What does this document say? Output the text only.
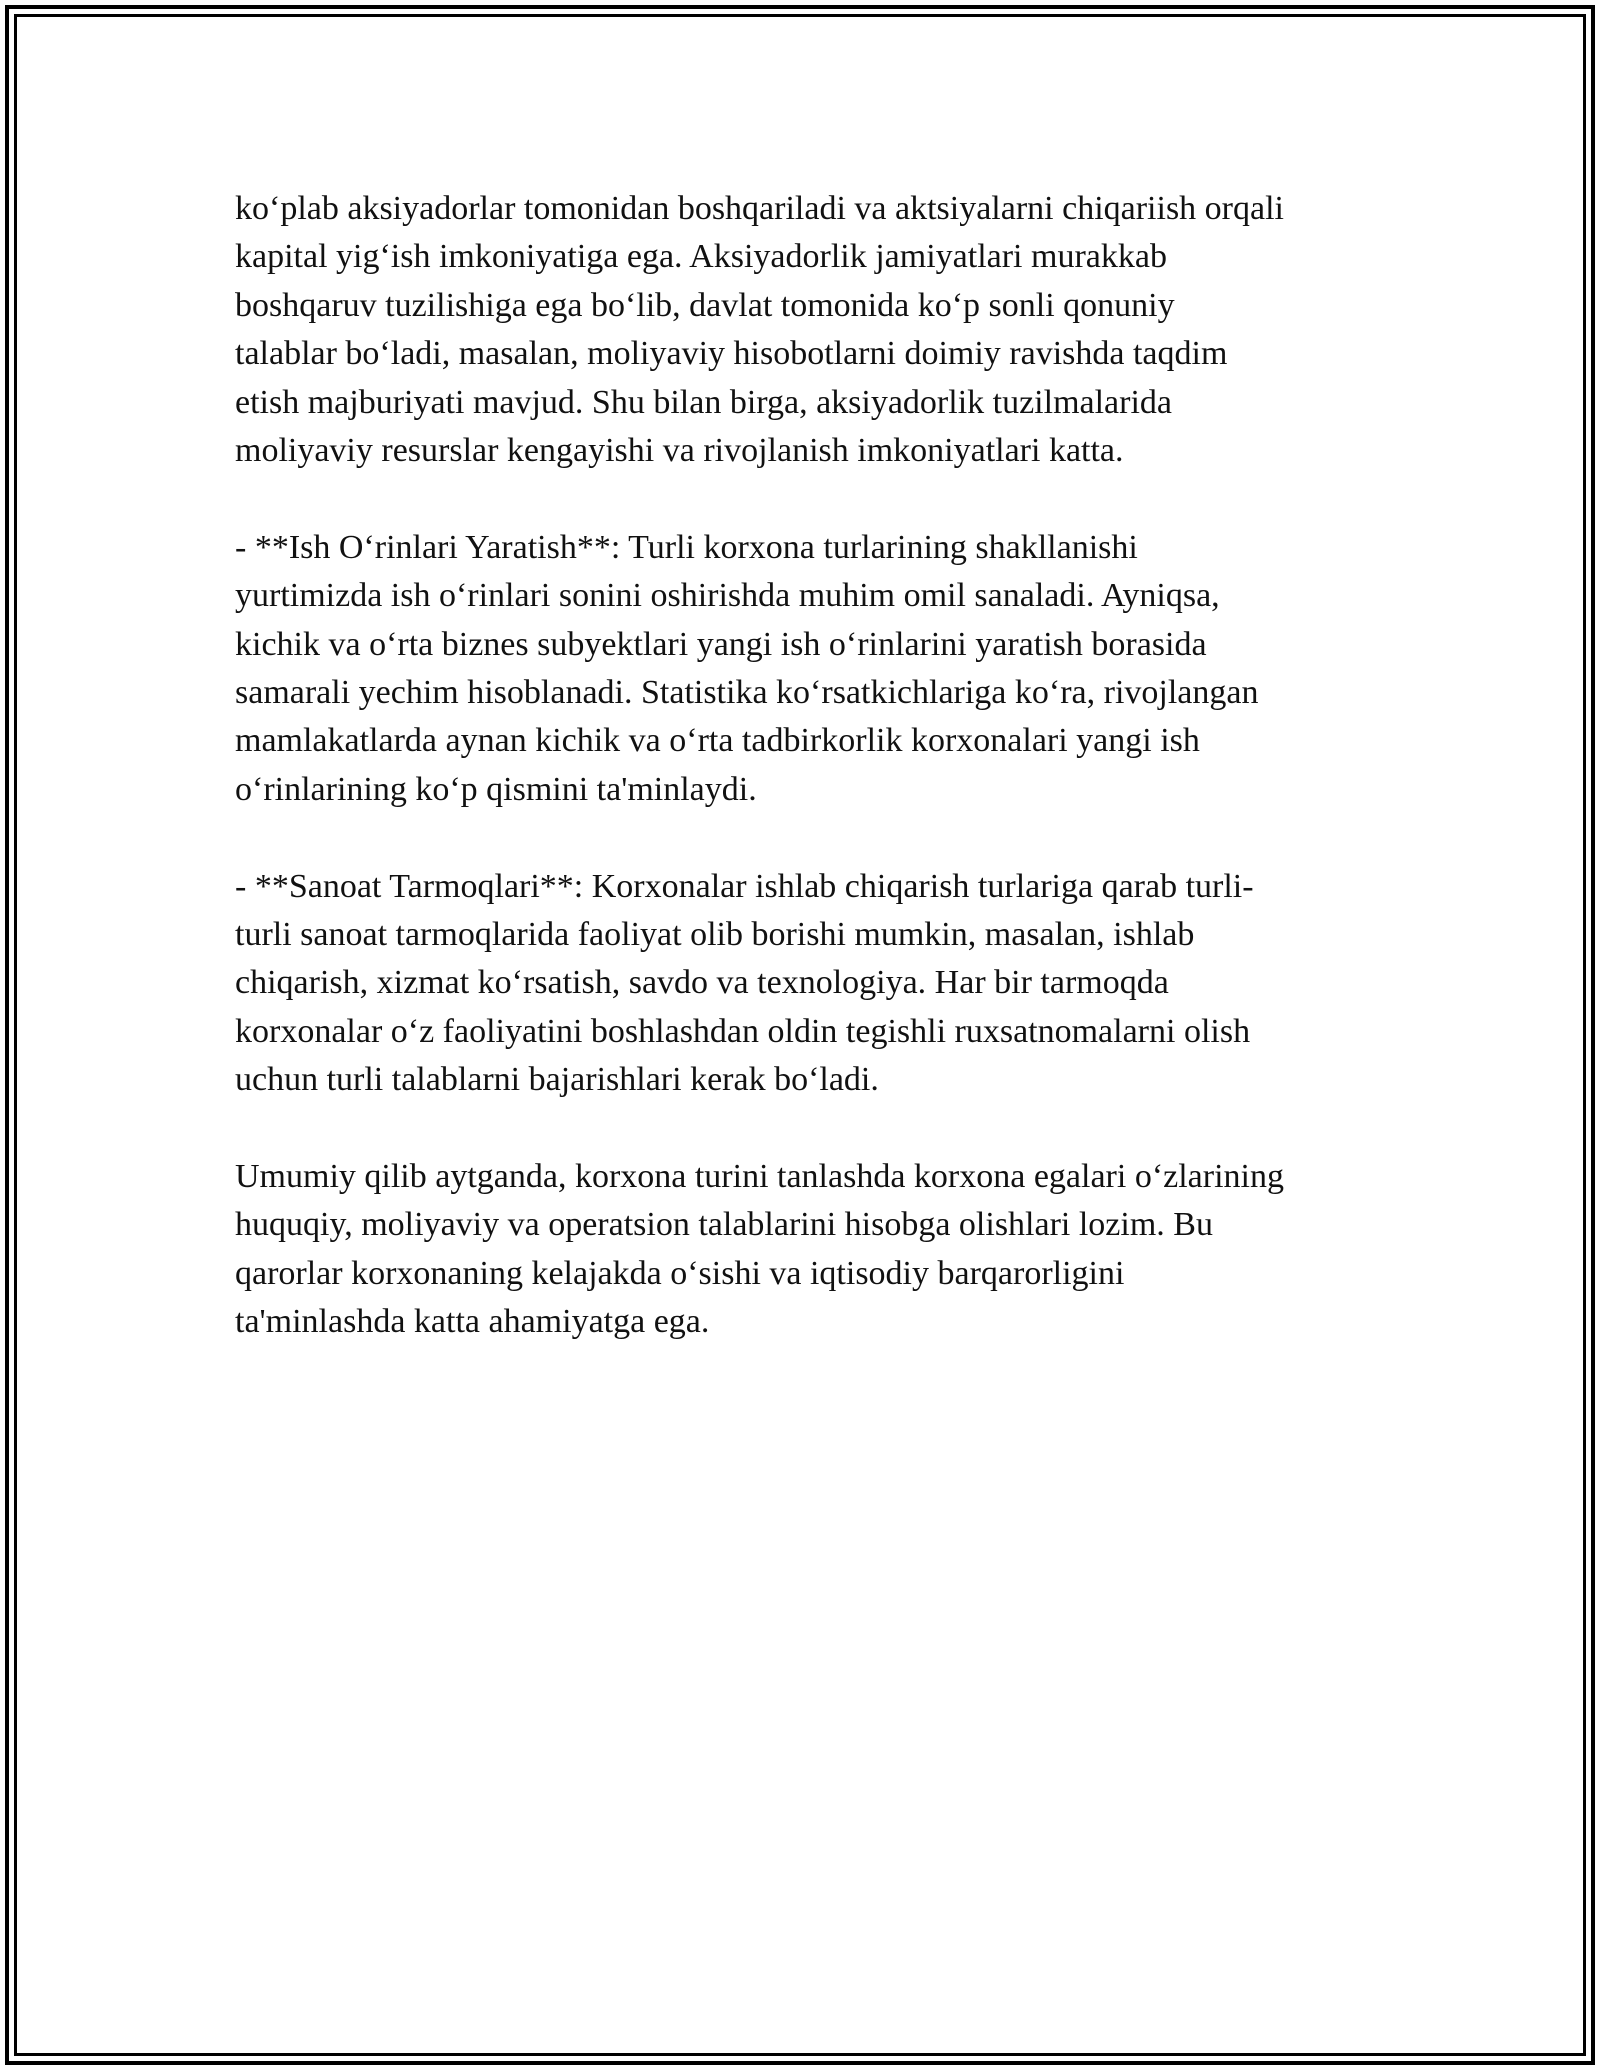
ko‘plab aksiyadorlar tomonidan boshqariladi va aktsiyalarni chiqariish orqali
kapital yig‘ish imkoniyatiga ega. Aksiyadorlik jamiyatlari murakkab
boshqaruv tuzilishiga ega bo‘lib, davlat tomonida ko‘p sonli qonuniy
talablar bo‘ladi, masalan, moliyaviy hisobotlarni doimiy ravishda taqdim
etish majburiyati mavjud. Shu bilan birga, aksiyadorlik tuzilmalarida
moliyaviy resurslar kengayishi va rivojlanish imkoniyatlari katta.
- **Ish O‘rinlari Yaratish**: Turli korxona turlarining shakllanishi
yurtimizda ish o‘rinlari sonini oshirishda muhim omil sanaladi. Ayniqsa,
kichik va o‘rta biznes subyektlari yangi ish o‘rinlarini yaratish borasida
samarali yechim hisoblanadi. Statistika ko‘rsatkichlariga ko‘ra, rivojlangan
mamlakatlarda aynan kichik va o‘rta tadbirkorlik korxonalari yangi ish
o‘rinlarining ko‘p qismini ta'minlaydi.
- **Sanoat Tarmoqlari**: Korxonalar ishlab chiqarish turlariga qarab turli-
turli sanoat tarmoqlarida faoliyat olib borishi mumkin, masalan, ishlab
chiqarish, xizmat ko‘rsatish, savdo va texnologiya. Har bir tarmoqda
korxonalar o‘z faoliyatini boshlashdan oldin tegishli ruxsatnomalarni olish
uchun turli talablarni bajarishlari kerak bo‘ladi.
Umumiy qilib aytganda, korxona turini tanlashda korxona egalari o‘zlarining
huquqiy, moliyaviy va operatsion talablarini hisobga olishlari lozim. Bu
qarorlar korxonaning kelajakda o‘sishi va iqtisodiy barqarorligini
ta'minlashda katta ahamiyatga ega.
